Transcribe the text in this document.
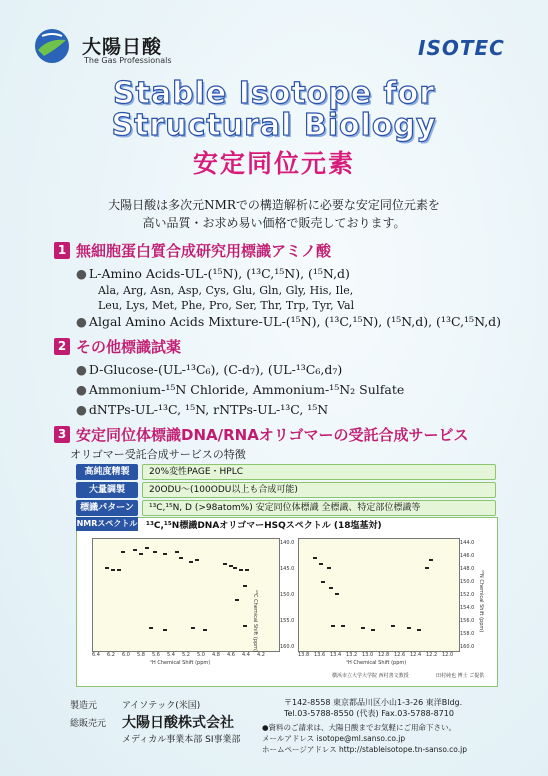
大陽日酸
The Gas Professionals
ISOTEC
Stable Isotope for
Structural Biology
安定同位元素
大陽日酸は多次元NMRでの構造解析に必要な安定同位元素を
高い品質・お求め易い価格で販売しております。
1 無細胞蛋白質合成研究用標識アミノ酸
● L-Amino Acids-UL-(¹⁵N), (¹³C,¹⁵N), (¹⁵N,d)
Ala, Arg, Asn, Asp, Cys, Glu, Gln, Gly, His, Ile,
Leu, Lys, Met, Phe, Pro, Ser, Thr, Trp, Tyr, Val
● Algal Amino Acids Mixture-UL-(¹⁵N), (¹³C,¹⁵N), (¹⁵N,d), (¹³C,¹⁵N,d)
2 その他標識試薬
● D-Glucose-(UL-¹³C₆), (C-d₇), (UL-¹³C₆,d₇)
● Ammonium-¹⁵N Chloride, Ammonium-¹⁵N₂ Sulfate
● dNTPs-UL-¹³C, ¹⁵N, rNTPs-UL-¹³C, ¹⁵N
3 安定同位体標識DNA/RNAオリゴマーの受託合成サービス
オリゴマー受託合成サービスの特徴
高純度精製	20%変性PAGE・HPLC
大量調製	20ODU〜(100ODU以上も合成可能)
標識パターン	¹³C,¹⁵N, D (>98atom%) 安定同位体標識 全標識、特定部位標識等
NMRスペクトル ¹³C,¹⁵N標識DNAオリゴマーHSQスペクトル (18塩基対)
6.4 6.2 6.0 5.8 5.6 5.4 5.2 5.0 4.8 4.6 4.4 4.2
¹H Chemical Shift (ppm)
140.0
145.0
150.0
155.0
160.0
¹³C Chemical Shift (ppm)
13.8 13.6 13.4 13.2 13.0 12.8 12.6 12.4 12.2 12.0
¹H Chemical Shift (ppm)
144.0
146.0
148.0
150.0
152.0
154.0
156.0
158.0
160.0
¹⁵N Chemical Shift (ppm)
横浜市立大学大学院 西村善文教授	田村純也 博士 ご提供
製造元	アイソテック(米国)
総販売元 大陽日酸株式会社
メディカル事業本部 SI事業部
〒142-8558 東京都品川区小山1-3-26 東洋Bldg.
Tel.03-5788-8550 (代表) Fax.03-5788-8710
●資料のご請求は、大陽日酸までお気軽にご用命下さい。
メールアドレス isotope@ml.sanso.co.jp
ホームページアドレス http://stableisotope.tn-sanso.co.jp
